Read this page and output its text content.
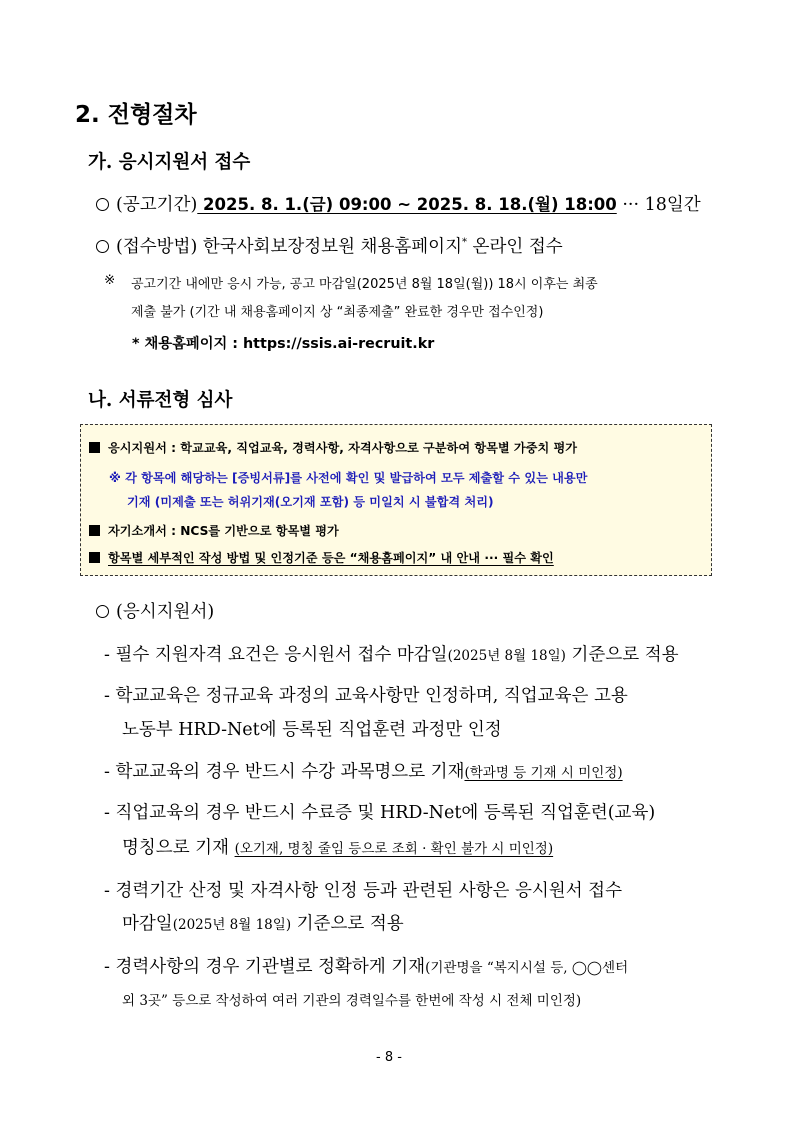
2. 전형절차
가. 응시지원서 접수
(공고기간) 2025. 8. 1.(금) 09:00 ~ 2025. 8. 18.(월) 18:00 ··· 18일간
(접수방법) 한국사회보장정보원 채용홈페이지* 온라인 접수
※ 공고기간 내에만 응시 가능, 공고 마감일(2025년 8월 18일(월)) 18시 이후는 최종
제출 불가 (기간 내 채용홈페이지 상 “최종제출” 완료한 경우만 접수인정)
* 채용홈페이지 : https://ssis.ai-recruit.kr
나. 서류전형 심사
응시지원서 : 학교교육, 직업교육, 경력사항, 자격사항으로 구분하여 항목별 가중치 평가
※ 각 항목에 해당하는 [증빙서류]를 사전에 확인 및 발급하여 모두 제출할 수 있는 내용만
기재 (미제출 또는 허위기재(오기재 포함) 등 미일치 시 불합격 처리)
자기소개서 : NCS를 기반으로 항목별 평가
항목별 세부적인 작성 방법 및 인정기준 등은 “채용홈페이지” 내 안내 ··· 필수 확인
(응시지원서)
- 필수 지원자격 요건은 응시원서 접수 마감일(2025년 8월 18일) 기준으로 적용
- 학교교육은 정규교육 과정의 교육사항만 인정하며, 직업교육은 고용
노동부 HRD-Net에 등록된 직업훈련 과정만 인정
- 학교교육의 경우 반드시 수강 과목명으로 기재(학과명 등 기재 시 미인정)
- 직업교육의 경우 반드시 수료증 및 HRD-Net에 등록된 직업훈련(교육)
명칭으로 기재 (오기재, 명칭 줄임 등으로 조회 · 확인 불가 시 미인정)
- 경력기간 산정 및 자격사항 인정 등과 관련된 사항은 응시원서 접수
마감일(2025년 8월 18일) 기준으로 적용
- 경력사항의 경우 기관별로 정확하게 기재(기관명을 “복지시설 등, ◯◯센터
외 3곳” 등으로 작성하여 여러 기관의 경력일수를 한번에 작성 시 전체 미인정)
- 8 -
